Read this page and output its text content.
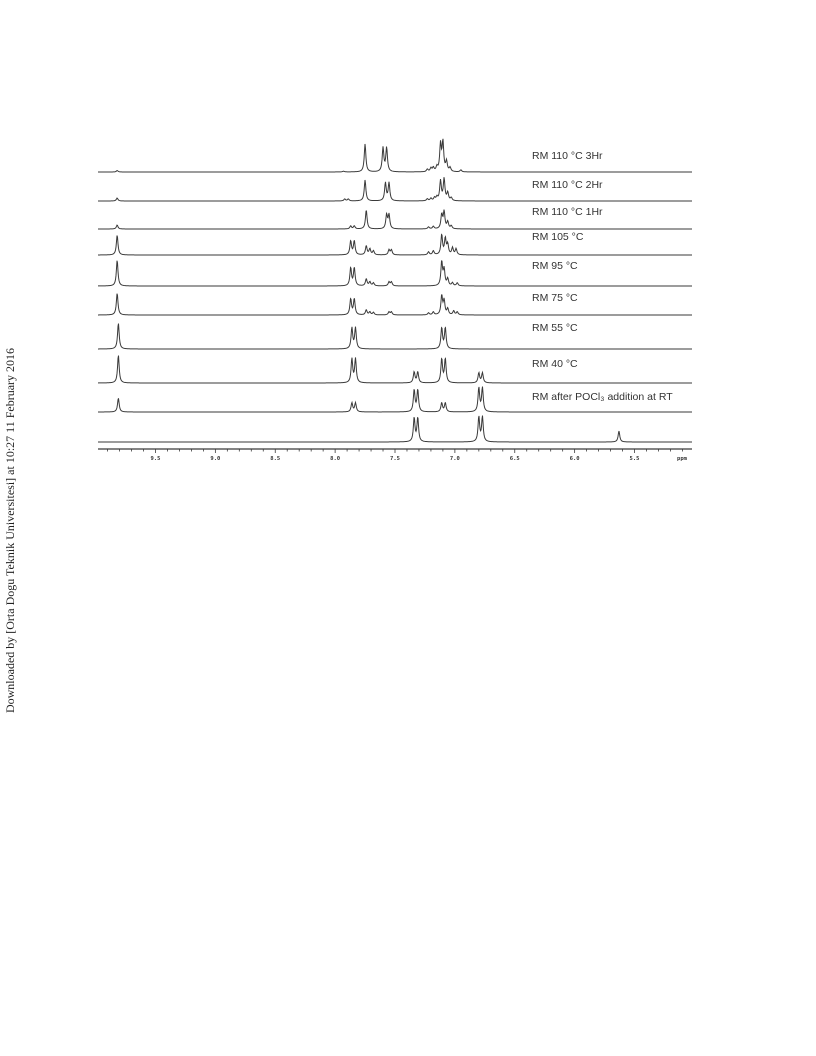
Downloaded by [Orta Dogu Teknik Universitesi] at 10:27 11 February 2016
RM 110 °C 3Hr
RM 110 °C 2Hr
RM 110 °C 1Hr
RM 105 °C
RM 95 °C
RM 75 °C
RM 55 °C
RM 40 °C
RM after POCl₃ addition at RT
9.5	9.0	8.5	8.0	7.5	7.0	6.5	6.0	5.5	ppm
